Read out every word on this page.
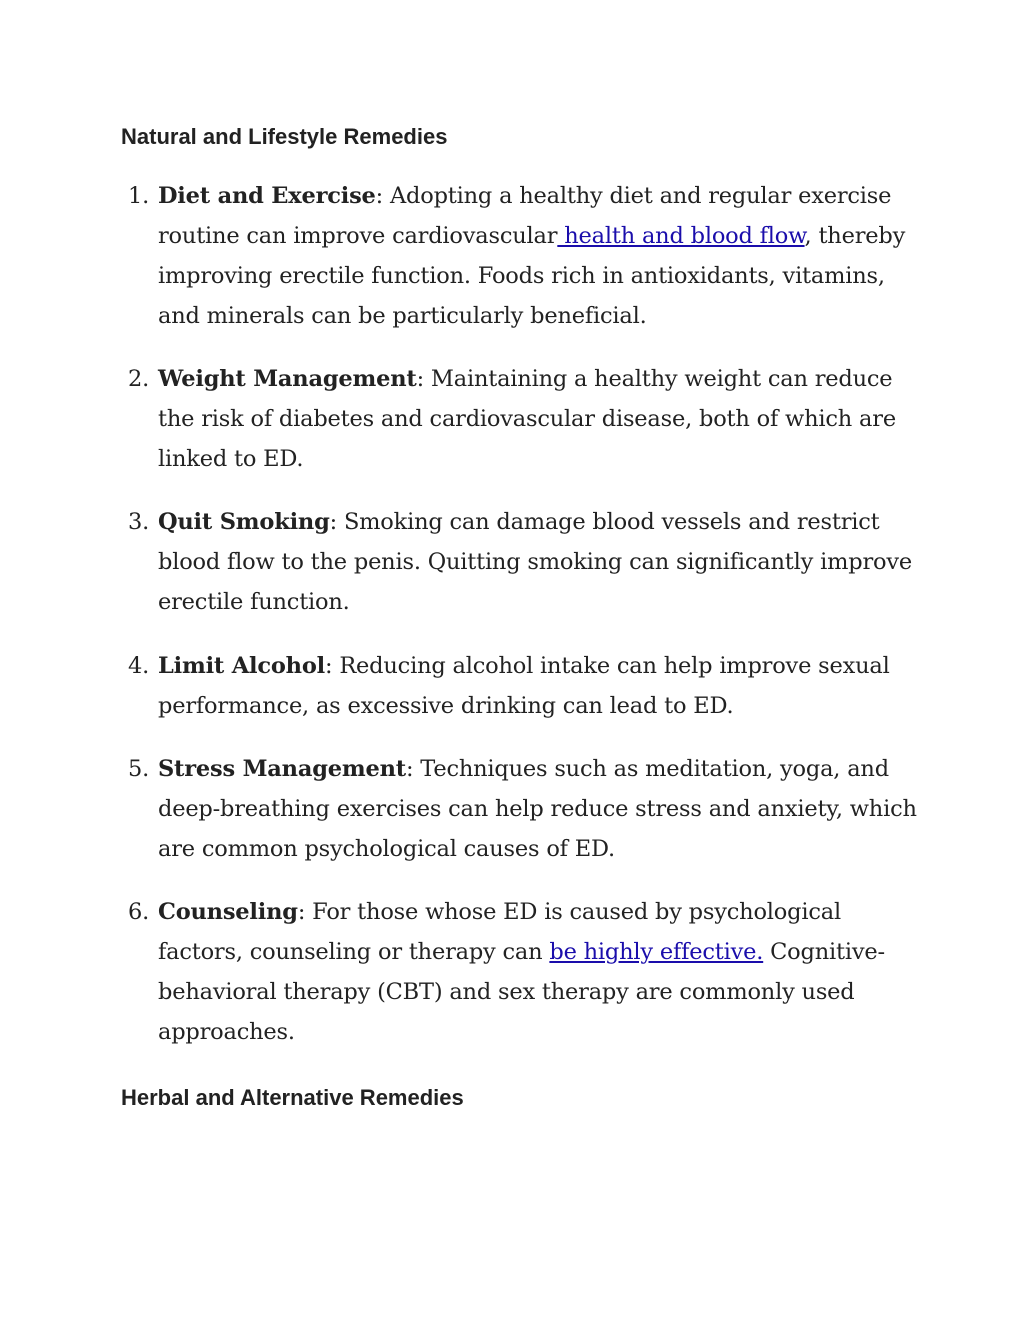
Natural and Lifestyle Remedies
1. Diet and Exercise: Adopting a healthy diet and regular exercise routine can improve cardiovascular health and blood flow, thereby improving erectile function. Foods rich in antioxidants, vitamins, and minerals can be particularly beneficial.
2. Weight Management: Maintaining a healthy weight can reduce the risk of diabetes and cardiovascular disease, both of which are linked to ED.
3. Quit Smoking: Smoking can damage blood vessels and restrict blood flow to the penis. Quitting smoking can significantly improve erectile function.
4. Limit Alcohol: Reducing alcohol intake can help improve sexual performance, as excessive drinking can lead to ED.
5. Stress Management: Techniques such as meditation, yoga, and deep-breathing exercises can help reduce stress and anxiety, which are common psychological causes of ED.
6. Counseling: For those whose ED is caused by psychological factors, counseling or therapy can be highly effective. Cognitive-behavioral therapy (CBT) and sex therapy are commonly used approaches.
Herbal and Alternative Remedies
